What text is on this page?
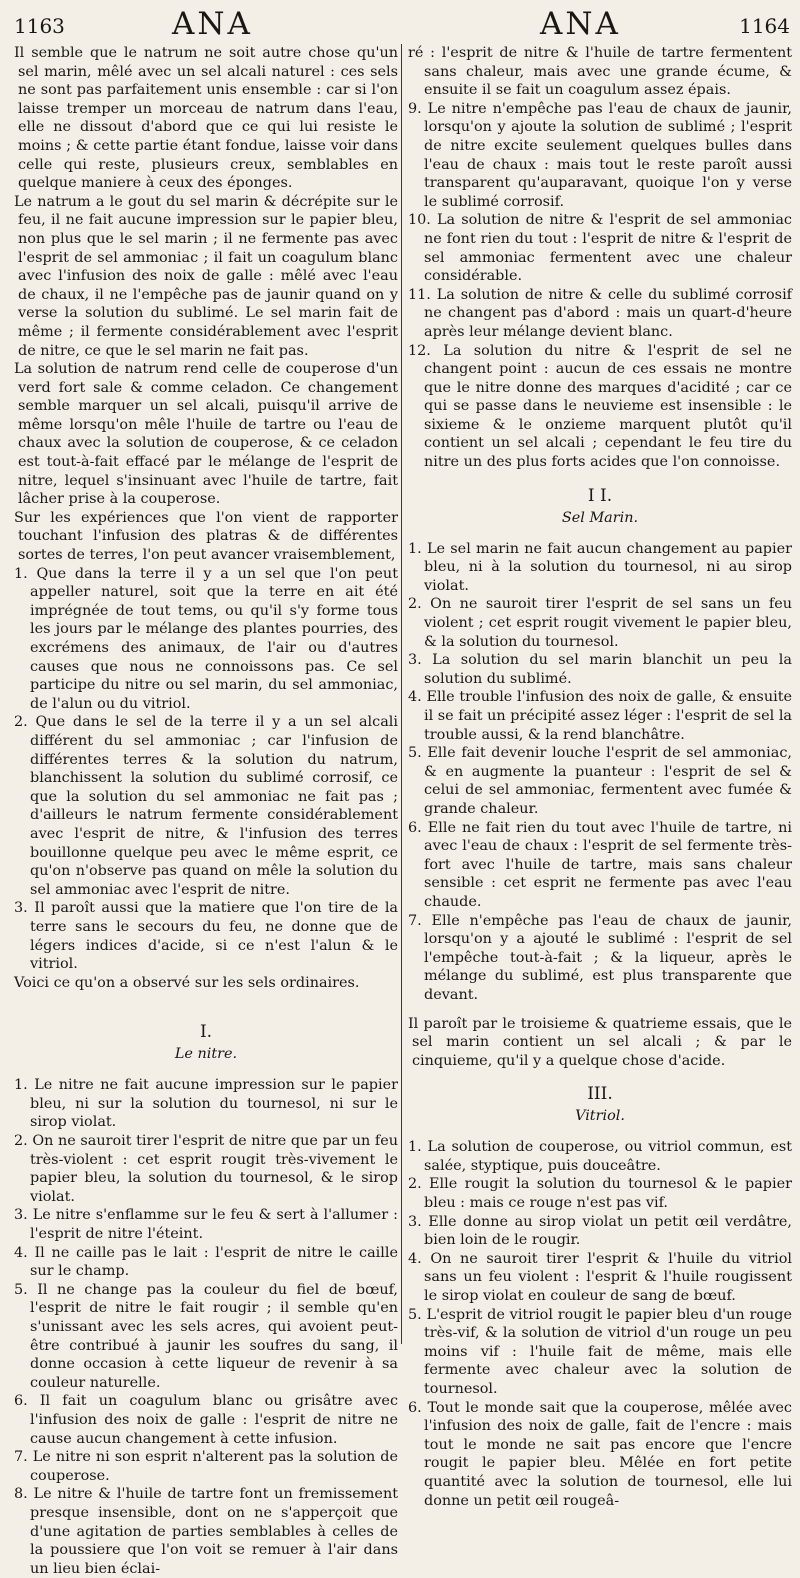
1163	ANA	ANA	1164

Il semble que le natrum ne soit autre chose qu'un sel marin, mêlé avec un sel alcali naturel : ces sels ne sont pas parfaitement unis ensemble : car si l'on laisse tremper un morceau de natrum dans l'eau, elle ne dissout d'abord que ce qui lui resiste le moins ; & cette partie étant fondue, laisse voir dans celle qui reste, plusieurs creux, semblables en quelque maniere à ceux des éponges.

Le natrum a le gout du sel marin & décrépite sur le feu, il ne fait aucune impression sur le papier bleu, non plus que le sel marin ; il ne fermente pas avec l'esprit de sel ammoniac ; il fait un coagulum blanc avec l'infusion des noix de galle : mêlé avec l'eau de chaux, il ne l'empêche pas de jaunir quand on y verse la solution du sublimé. Le sel marin fait de même ; il fermente considérablement avec l'esprit de nitre, ce que le sel marin ne fait pas.

La solution de natrum rend celle de couperose d'un verd fort sale & comme celadon. Ce changement semble marquer un sel alcali, puisqu'il arrive de même lorsqu'on mêle l'huile de tartre ou l'eau de chaux avec la solution de couperose, & ce celadon est tout-à-fait effacé par le mélange de l'esprit de nitre, lequel s'insinuant avec l'huile de tartre, fait lâcher prise à la couperose.

Sur les expériences que l'on vient de rapporter touchant l'infusion des platras & de différentes sortes de terres, l'on peut avancer vraisemblement,

1. Que dans la terre il y a un sel que l'on peut appeller naturel, soit que la terre en ait été imprégnée de tout tems, ou qu'il s'y forme tous les jours par le mélange des plantes pourries, des excrémens des animaux, de l'air ou d'autres causes que nous ne connoissons pas. Ce sel participe du nitre ou sel marin, du sel ammoniac, de l'alun ou du vitriol.

2. Que dans le sel de la terre il y a un sel alcali différent du sel ammoniac ; car l'infusion de différentes terres & la solution du natrum, blanchissent la solution du sublimé corrosif, ce que la solution du sel ammoniac ne fait pas ; d'ailleurs le natrum fermente considérablement avec l'esprit de nitre, & l'infusion des terres bouillonne quelque peu avec le même esprit, ce qu'on n'observe pas quand on mêle la solution du sel ammoniac avec l'esprit de nitre.

3. Il paroît aussi que la matiere que l'on tire de la terre sans le secours du feu, ne donne que de légers indices d'acide, si ce n'est l'alun & le vitriol.

Voici ce qu'on a observé sur les sels ordinaires.

I.
Le nitre.

1. Le nitre ne fait aucune impression sur le papier bleu, ni sur la solution du tournesol, ni sur le sirop violat.

2. On ne sauroit tirer l'esprit de nitre que par un feu très-violent : cet esprit rougit très-vivement le papier bleu, la solution du tournesol, & le sirop violat.

3. Le nitre s'enflamme sur le feu & sert à l'allumer : l'esprit de nitre l'éteint.

4. Il ne caille pas le lait : l'esprit de nitre le caille sur le champ.

5. Il ne change pas la couleur du fiel de bœuf, l'esprit de nitre le fait rougir ; il semble qu'en s'unissant avec les sels acres, qui avoient peut-être contribué à jaunir les soufres du sang, il donne occasion à cette liqueur de revenir à sa couleur naturelle.

6. Il fait un coagulum blanc ou grisâtre avec l'infusion des noix de galle : l'esprit de nitre ne cause aucun changement à cette infusion.

7. Le nitre ni son esprit n'alterent pas la solution de couperose.

8. Le nitre & l'huile de tartre font un fremissement presque insensible, dont on ne s'apperçoit que d'une agitation de parties semblables à celles de la poussiere que l'on voit se remuer à l'air dans un lieu bien éclai-

ré : l'esprit de nitre & l'huile de tartre fermentent sans chaleur, mais avec une grande écume, & ensuite il se fait un coagulum assez épais.

9. Le nitre n'empêche pas l'eau de chaux de jaunir, lorsqu'on y ajoute la solution de sublimé ; l'esprit de nitre excite seulement quelques bulles dans l'eau de chaux : mais tout le reste paroît aussi transparent qu'auparavant, quoique l'on y verse le sublimé corrosif.

10. La solution de nitre & l'esprit de sel ammoniac ne font rien du tout : l'esprit de nitre & l'esprit de sel ammoniac fermentent avec une chaleur considérable.

11. La solution de nitre & celle du sublimé corrosif ne changent pas d'abord : mais un quart-d'heure après leur mélange devient blanc.

12. La solution du nitre & l'esprit de sel ne changent point : aucun de ces essais ne montre que le nitre donne des marques d'acidité ; car ce qui se passe dans le neuvieme est insensible : le sixieme & le onzieme marquent plutôt qu'il contient un sel alcali ; cependant le feu tire du nitre un des plus forts acides que l'on connoisse.

I I.
Sel Marin.

1. Le sel marin ne fait aucun changement au papier bleu, ni à la solution du tournesol, ni au sirop violat.

2. On ne sauroit tirer l'esprit de sel sans un feu violent ; cet esprit rougit vivement le papier bleu, & la solution du tournesol.

3. La solution du sel marin blanchit un peu la solution du sublimé.

4. Elle trouble l'infusion des noix de galle, & ensuite il se fait un précipité assez léger : l'esprit de sel la trouble aussi, & la rend blanchâtre.

5. Elle fait devenir louche l'esprit de sel ammoniac, & en augmente la puanteur : l'esprit de sel & celui de sel ammoniac, fermentent avec fumée & grande chaleur.

6. Elle ne fait rien du tout avec l'huile de tartre, ni avec l'eau de chaux : l'esprit de sel fermente très-fort avec l'huile de tartre, mais sans chaleur sensible : cet esprit ne fermente pas avec l'eau chaude.

7. Elle n'empêche pas l'eau de chaux de jaunir, lorsqu'on y a ajouté le sublimé : l'esprit de sel l'empêche tout-à-fait ; & la liqueur, après le mélange du sublimé, est plus transparente que devant.

Il paroît par le troisieme & quatrieme essais, que le sel marin contient un sel alcali ; & par le cinquieme, qu'il y a quelque chose d'acide.

III.
Vitriol.

1. La solution de couperose, ou vitriol commun, est salée, styptique, puis douceâtre.

2. Elle rougit la solution du tournesol & le papier bleu : mais ce rouge n'est pas vif.

3. Elle donne au sirop violat un petit œil verdâtre, bien loin de le rougir.

4. On ne sauroit tirer l'esprit & l'huile du vitriol sans un feu violent : l'esprit & l'huile rougissent le sirop violat en couleur de sang de bœuf.

5. L'esprit de vitriol rougit le papier bleu d'un rouge très-vif, & la solution de vitriol d'un rouge un peu moins vif : l'huile fait de même, mais elle fermente avec chaleur avec la solution de tournesol.

6. Tout le monde sait que la couperose, mêlée avec l'infusion des noix de galle, fait de l'encre : mais tout le monde ne sait pas encore que l'encre rougit le papier bleu. Mêlée en fort petite quantité avec la solution de tournesol, elle lui donne un petit œil rougeâ-
